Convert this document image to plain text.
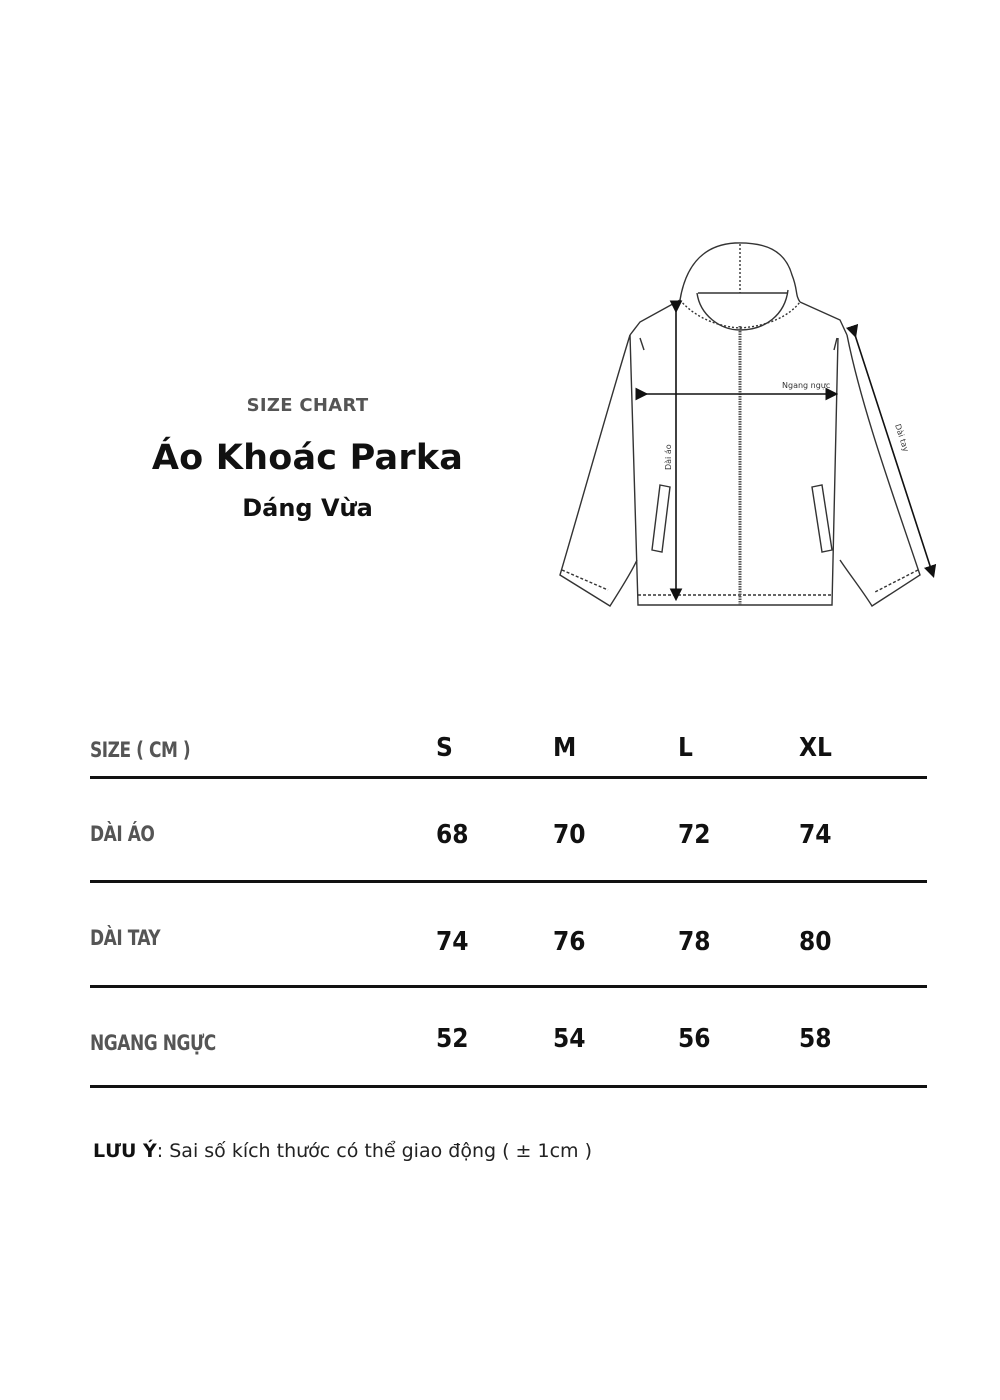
SIZE CHART
Áo Khoác Parka
Dáng Vừa
Ngang ngực
Dài áo
Dài tay
SIZE ( CM )	S	M	L	XL
DÀI ÁO	68	70	72	74
DÀI TAY	74	76	78	80
NGANG NGỰC	52	54	56	58
LƯU Ý: Sai số kích thước có thể giao động ( ± 1cm )
